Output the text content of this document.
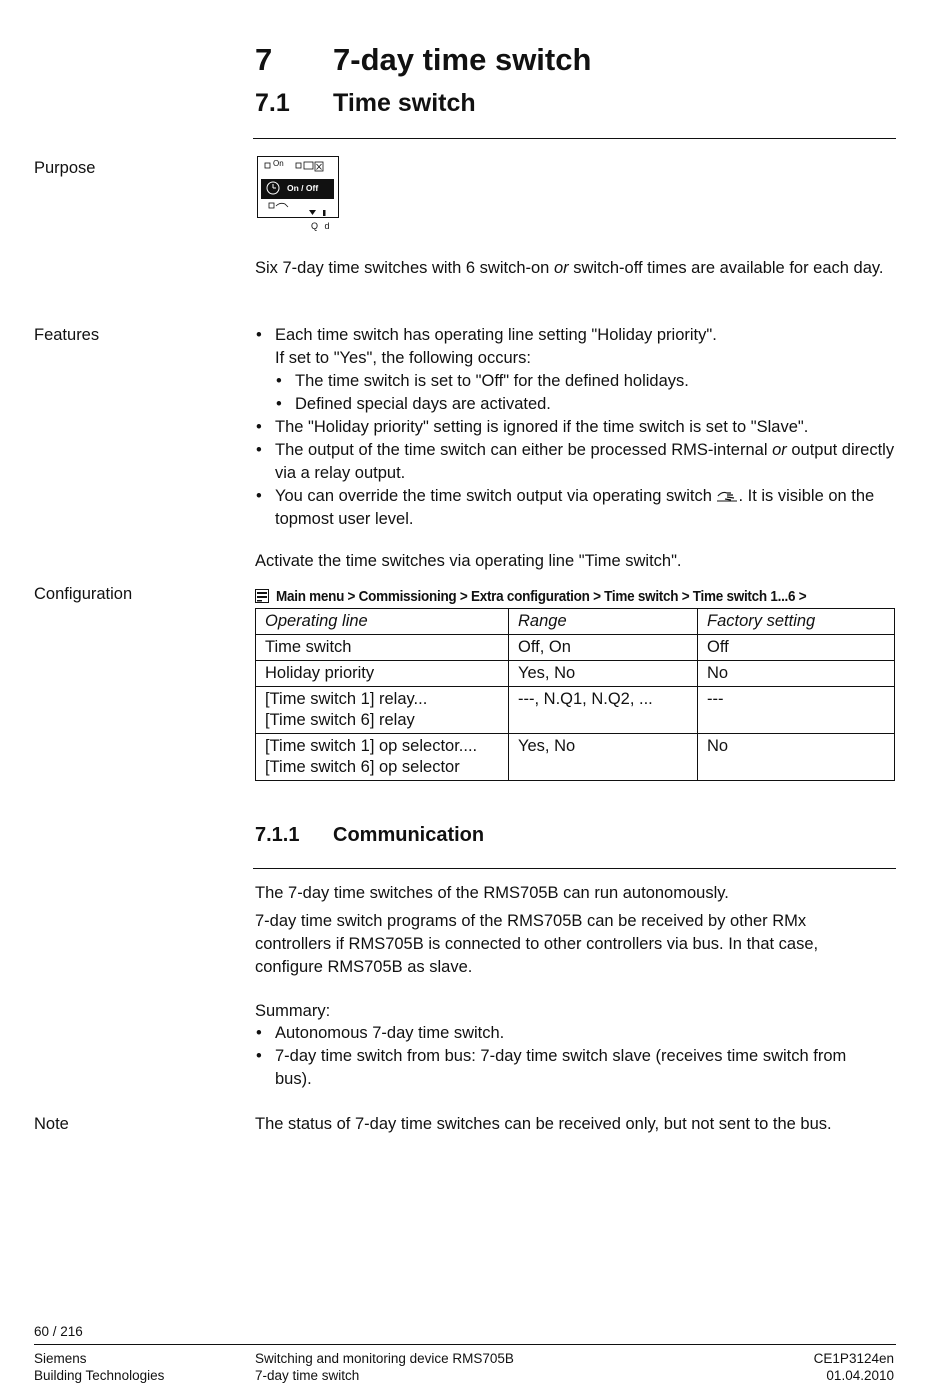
7 7-day time switch
7.1 Time switch
Purpose
Features
Configuration
Note
On
On / Off
Q d
Six 7-day time switches with 6 switch-on or switch-off times are available for each day.
• Each time switch has operating line setting "Holiday priority".
If set to "Yes", the following occurs:
• The time switch is set to "Off" for the defined holidays.
• Defined special days are activated.
• The "Holiday priority" setting is ignored if the time switch is set to "Slave".
• The output of the time switch can either be processed RMS-internal or output directly via a relay output.
• You can override the time switch output via operating switch . It is visible on the topmost user level.
Activate the time switches via operating line "Time switch".
Main menu > Commissioning > Extra configuration > Time switch > Time switch 1...6 >
Operating line	Range	Factory setting
Time switch	Off, On	Off
Holiday priority	Yes, No	No
[Time switch 1] relay...
[Time switch 6] relay	---, N.Q1, N.Q2, ...	---
[Time switch 1] op selector....
[Time switch 6] op selector	Yes, No	No
7.1.1 Communication
The 7-day time switches of the RMS705B can run autonomously.
7-day time switch programs of the RMS705B can be received by other RMx controllers if RMS705B is connected to other controllers via bus. In that case, configure RMS705B as slave.
Summary:
• Autonomous 7-day time switch.
• 7-day time switch from bus: 7-day time switch slave (receives time switch from bus).
The status of 7-day time switches can be received only, but not sent to the bus.
60 / 216
Siemens
Building Technologies
Switching and monitoring device RMS705B
7-day time switch
CE1P3124en
01.04.2010
